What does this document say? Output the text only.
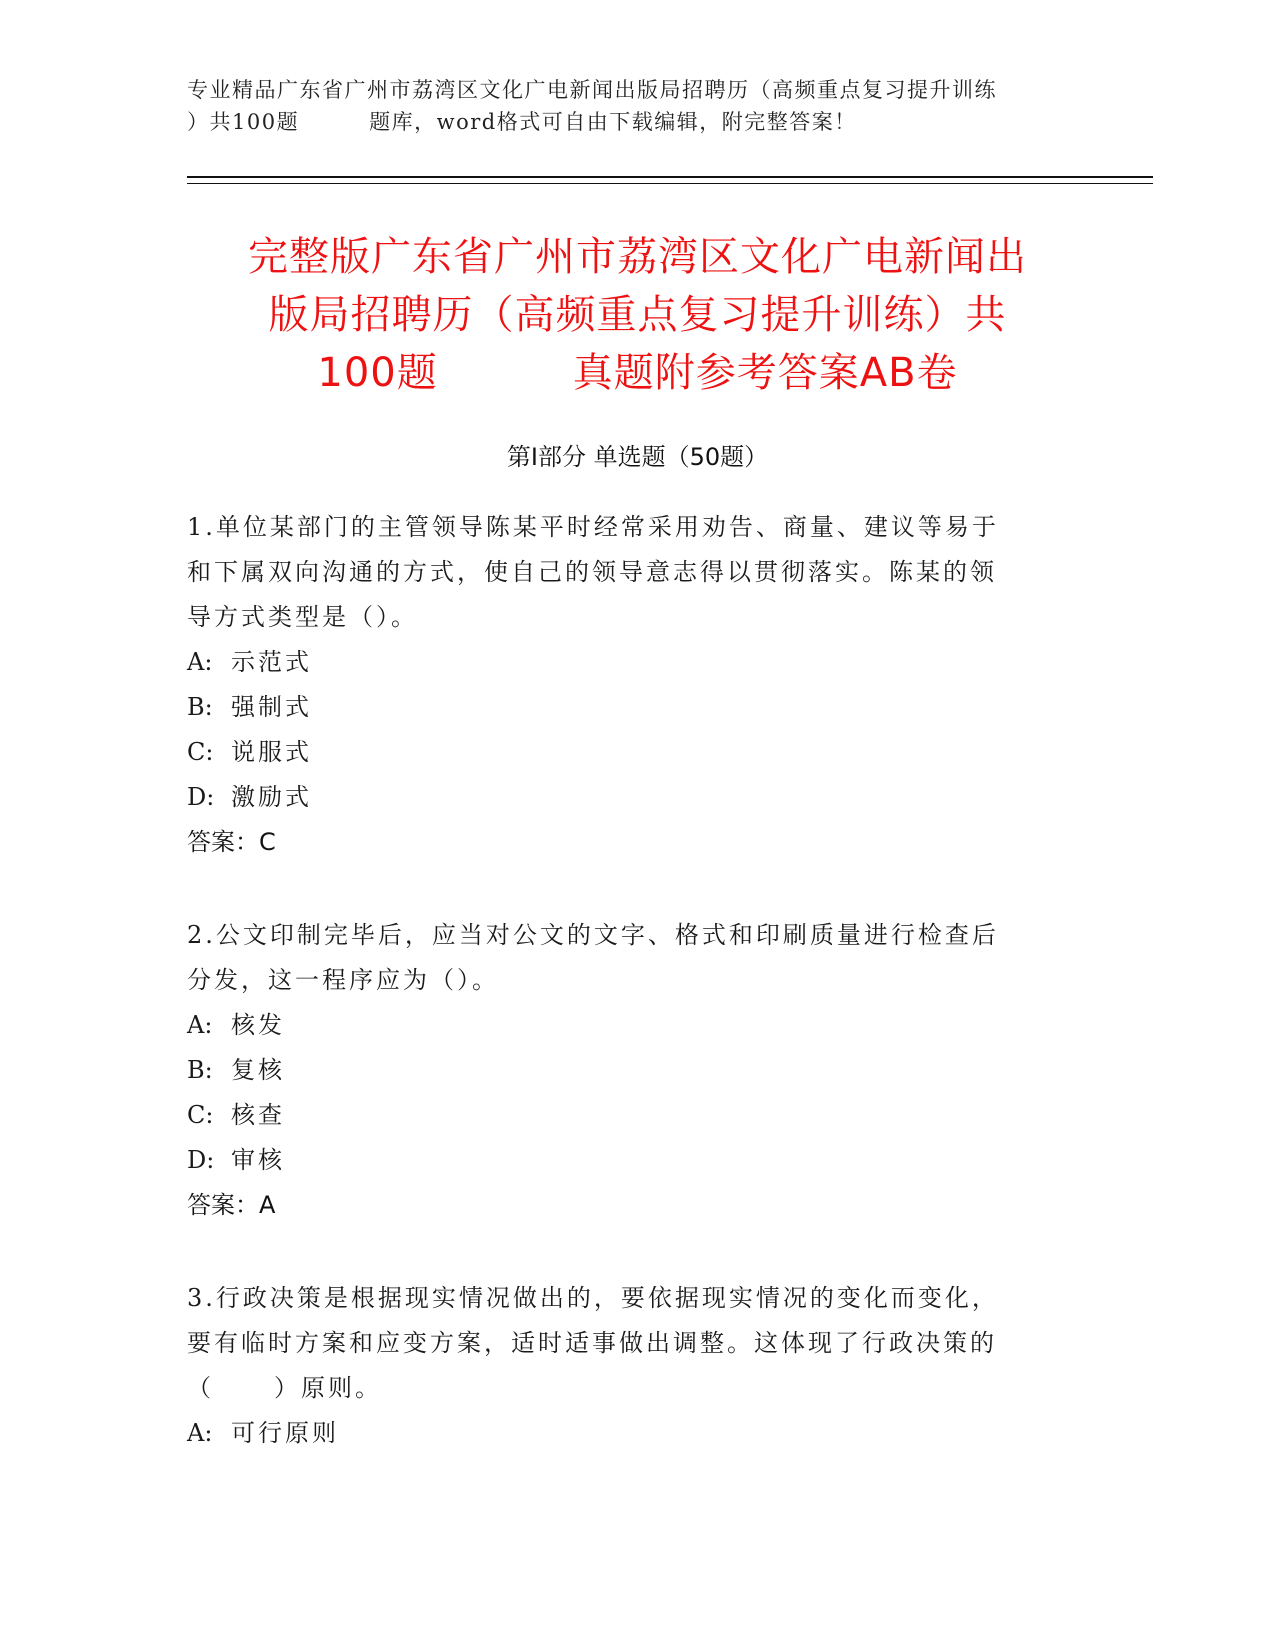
专业精品广东省广州市荔湾区文化广电新闻出版局招聘历（高频重点复习提升训练
）共100题	题库，word格式可自由下载编辑，附完整答案！
完整版广东省广州市荔湾区文化广电新闻出
版局招聘历（高频重点复习提升训练）共
100题	真题附参考答案AB卷
第Ⅰ部分 单选题（50题）

1.单位某部门的主管领导陈某平时经常采用劝告、商量、建议等易于

和下属双向沟通的方式，使自己的领导意志得以贯彻落实。陈某的领

导方式类型是（）。

A: 示范式

B: 强制式

C: 说服式

D: 激励式

答案：C

2.公文印制完毕后，应当对公文的文字、格式和印刷质量进行检查后

分发，这一程序应为（）。

A: 核发

B: 复核

C: 核查

D: 审核

答案：A

3.行政决策是根据现实情况做出的，要依据现实情况的变化而变化，

要有临时方案和应变方案，适时适事做出调整。这体现了行政决策的

（	）原则。

A: 可行原则
